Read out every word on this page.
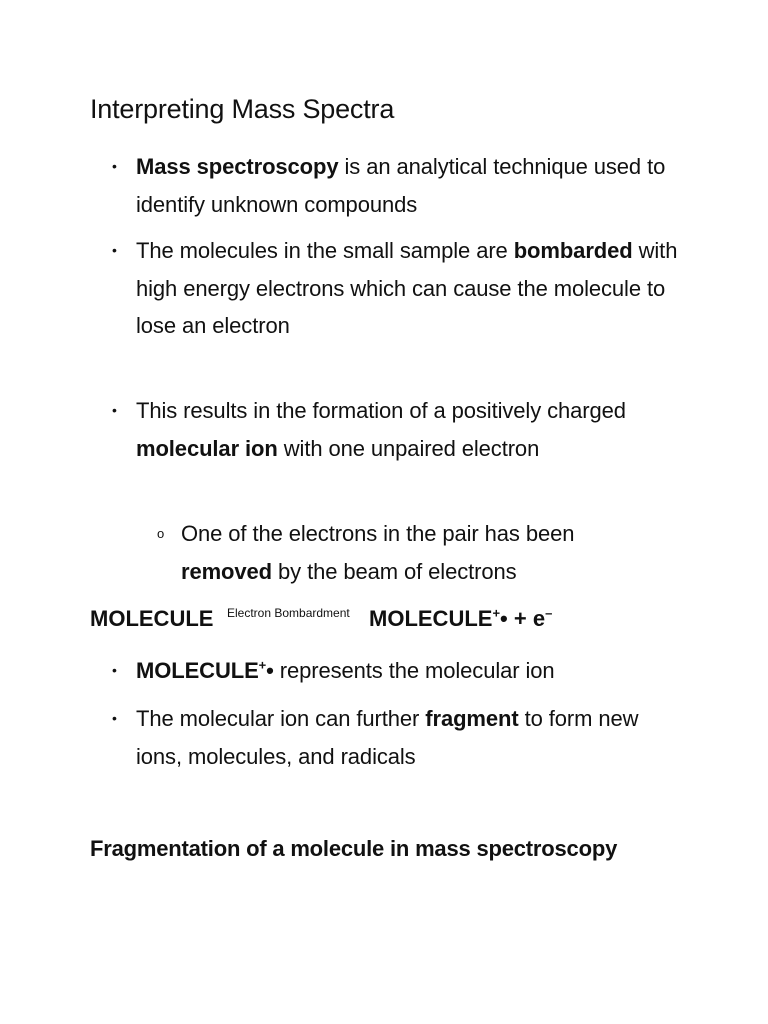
Interpreting Mass Spectra
• Mass spectroscopy is an analytical technique used to identify unknown compounds
• The molecules in the small sample are bombarded with high energy electrons which can cause the molecule to lose an electron
• This results in the formation of a positively charged molecular ion with one unpaired electron
o One of the electrons in the pair has been removed by the beam of electrons
MOLECULE Electron Bombardment MOLECULE+• + e–
• MOLECULE+• represents the molecular ion
• The molecular ion can further fragment to form new ions, molecules, and radicals
Fragmentation of a molecule in mass spectroscopy
